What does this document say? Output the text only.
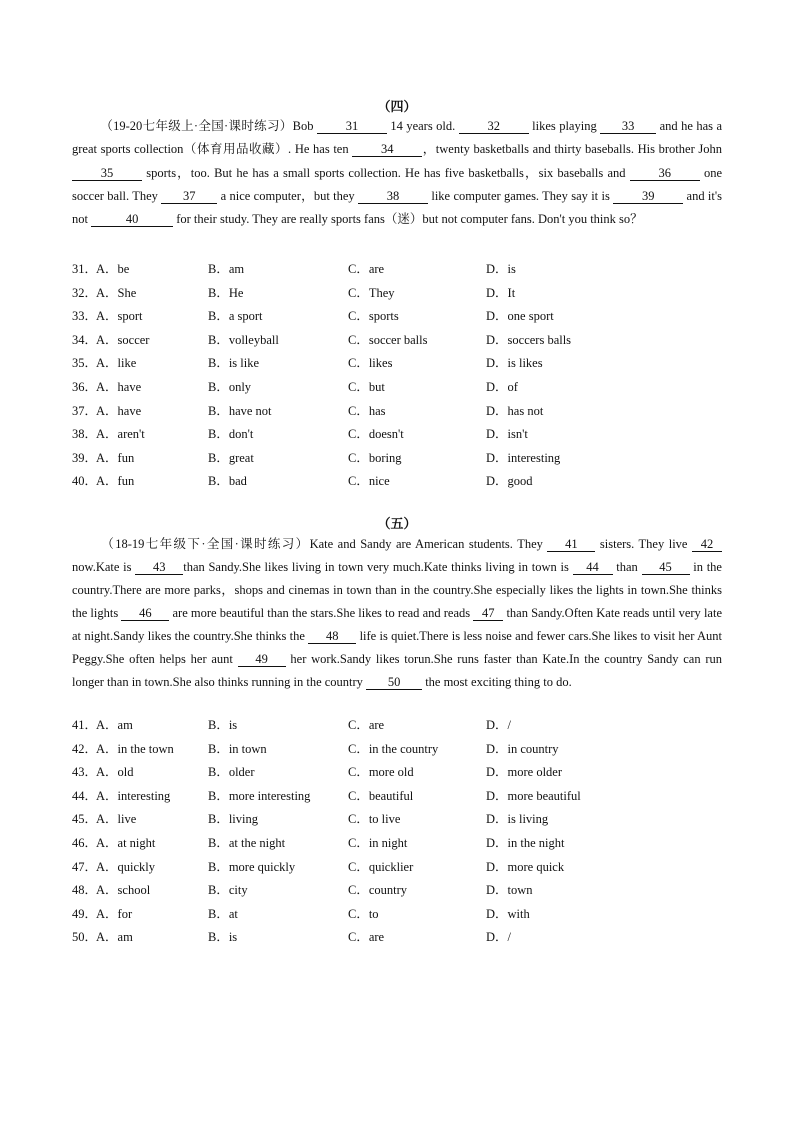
（四）
（19-20七年级上·全国·课时练习）Bob 31 14 years old. 32 likes playing 33 and he has a great sports collection（体育用品收藏）. He has ten 34 ，twenty basketballs and thirty baseballs. His brother John 35 sports，too. But he has a small sports collection. He has five basketballs，six baseballs and 36 one soccer ball. They 37 a nice computer，but they 38 like computer games. They say it is 39 and it's not	40	for their study. They are really sports fans（迷）but not computer fans. Don't you think so？
31．
A．be	B．am	C．are	D．is
32．
A．She	B．He	C．They	D．It
33．
A．sport	B．a sport	C．sports	D．one sport
34．
A．soccer	B．volleyball	C．soccer balls	D．soccers balls
35．
A．like	B．is like	C．likes	D．is likes
36．
A．have	B．only	C．but	D．of
37．
A．have	B．have not	C．has	D．has not
38．
A．aren't	B．don't	C．doesn't	D．isn't
39．
A．fun	B．great	C．boring	D．interesting
40．
A．fun	B．bad	C．nice	D．good
（五）
（18-19七年级下·全国·课时练习）Kate and Sandy are American students. They 41 sisters. They live 42 now.Kate is 43 than Sandy.She likes living in town very much.Kate thinks living in town is 44 than 45 in the country.There are more parks，shops and cinemas in town than in the country.She especially likes the lights in town.She thinks the lights 46 are more beautiful than the stars.She likes to read and reads 47 than Sandy.Often Kate reads until very late at night.Sandy likes the country.She thinks the 48 life is quiet.There is less noise and fewer cars.She likes to visit her Aunt Peggy.She often helps her aunt 49 her work.Sandy likes torun.She runs faster than Kate.In the country Sandy can run longer than in town.She also thinks running in the country 50 the most exciting thing to do.
41．
A．am	B．is	C．are	D．/
42．
A．in the town	B．in town	C．in the country	D．in country
43．
A．old	B．older	C．more old	D．more older
44．
A．interesting	B．more interesting	C．beautiful	D．more beautiful
45．
A．live	B．living	C．to live	D．is living
46．
A．at night	B．at the night	C．in night	D．in the night
47．
A．quickly	B．more quickly	C．quicklier	D．more quick
48．
A．school	B．city	C．country	D．town
49．
A．for	B．at	C．to	D．with
50．
A．am	B．is	C．are	D．/
